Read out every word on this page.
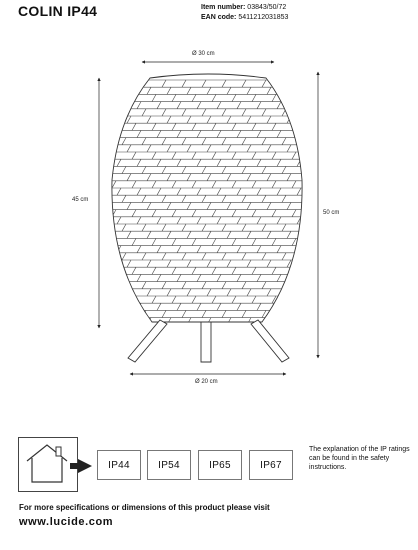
COLIN IP44	Item number: 03843/50/72
EAN code: 5411212031853
Ø 30 cm
Ø 20 cm
45 cm
50 cm
IP44	IP54	IP65	IP67
The explanation of the IP ratings can be found in the safety instructions.
For more specifications or dimensions of this product please visit
www.lucide.com
